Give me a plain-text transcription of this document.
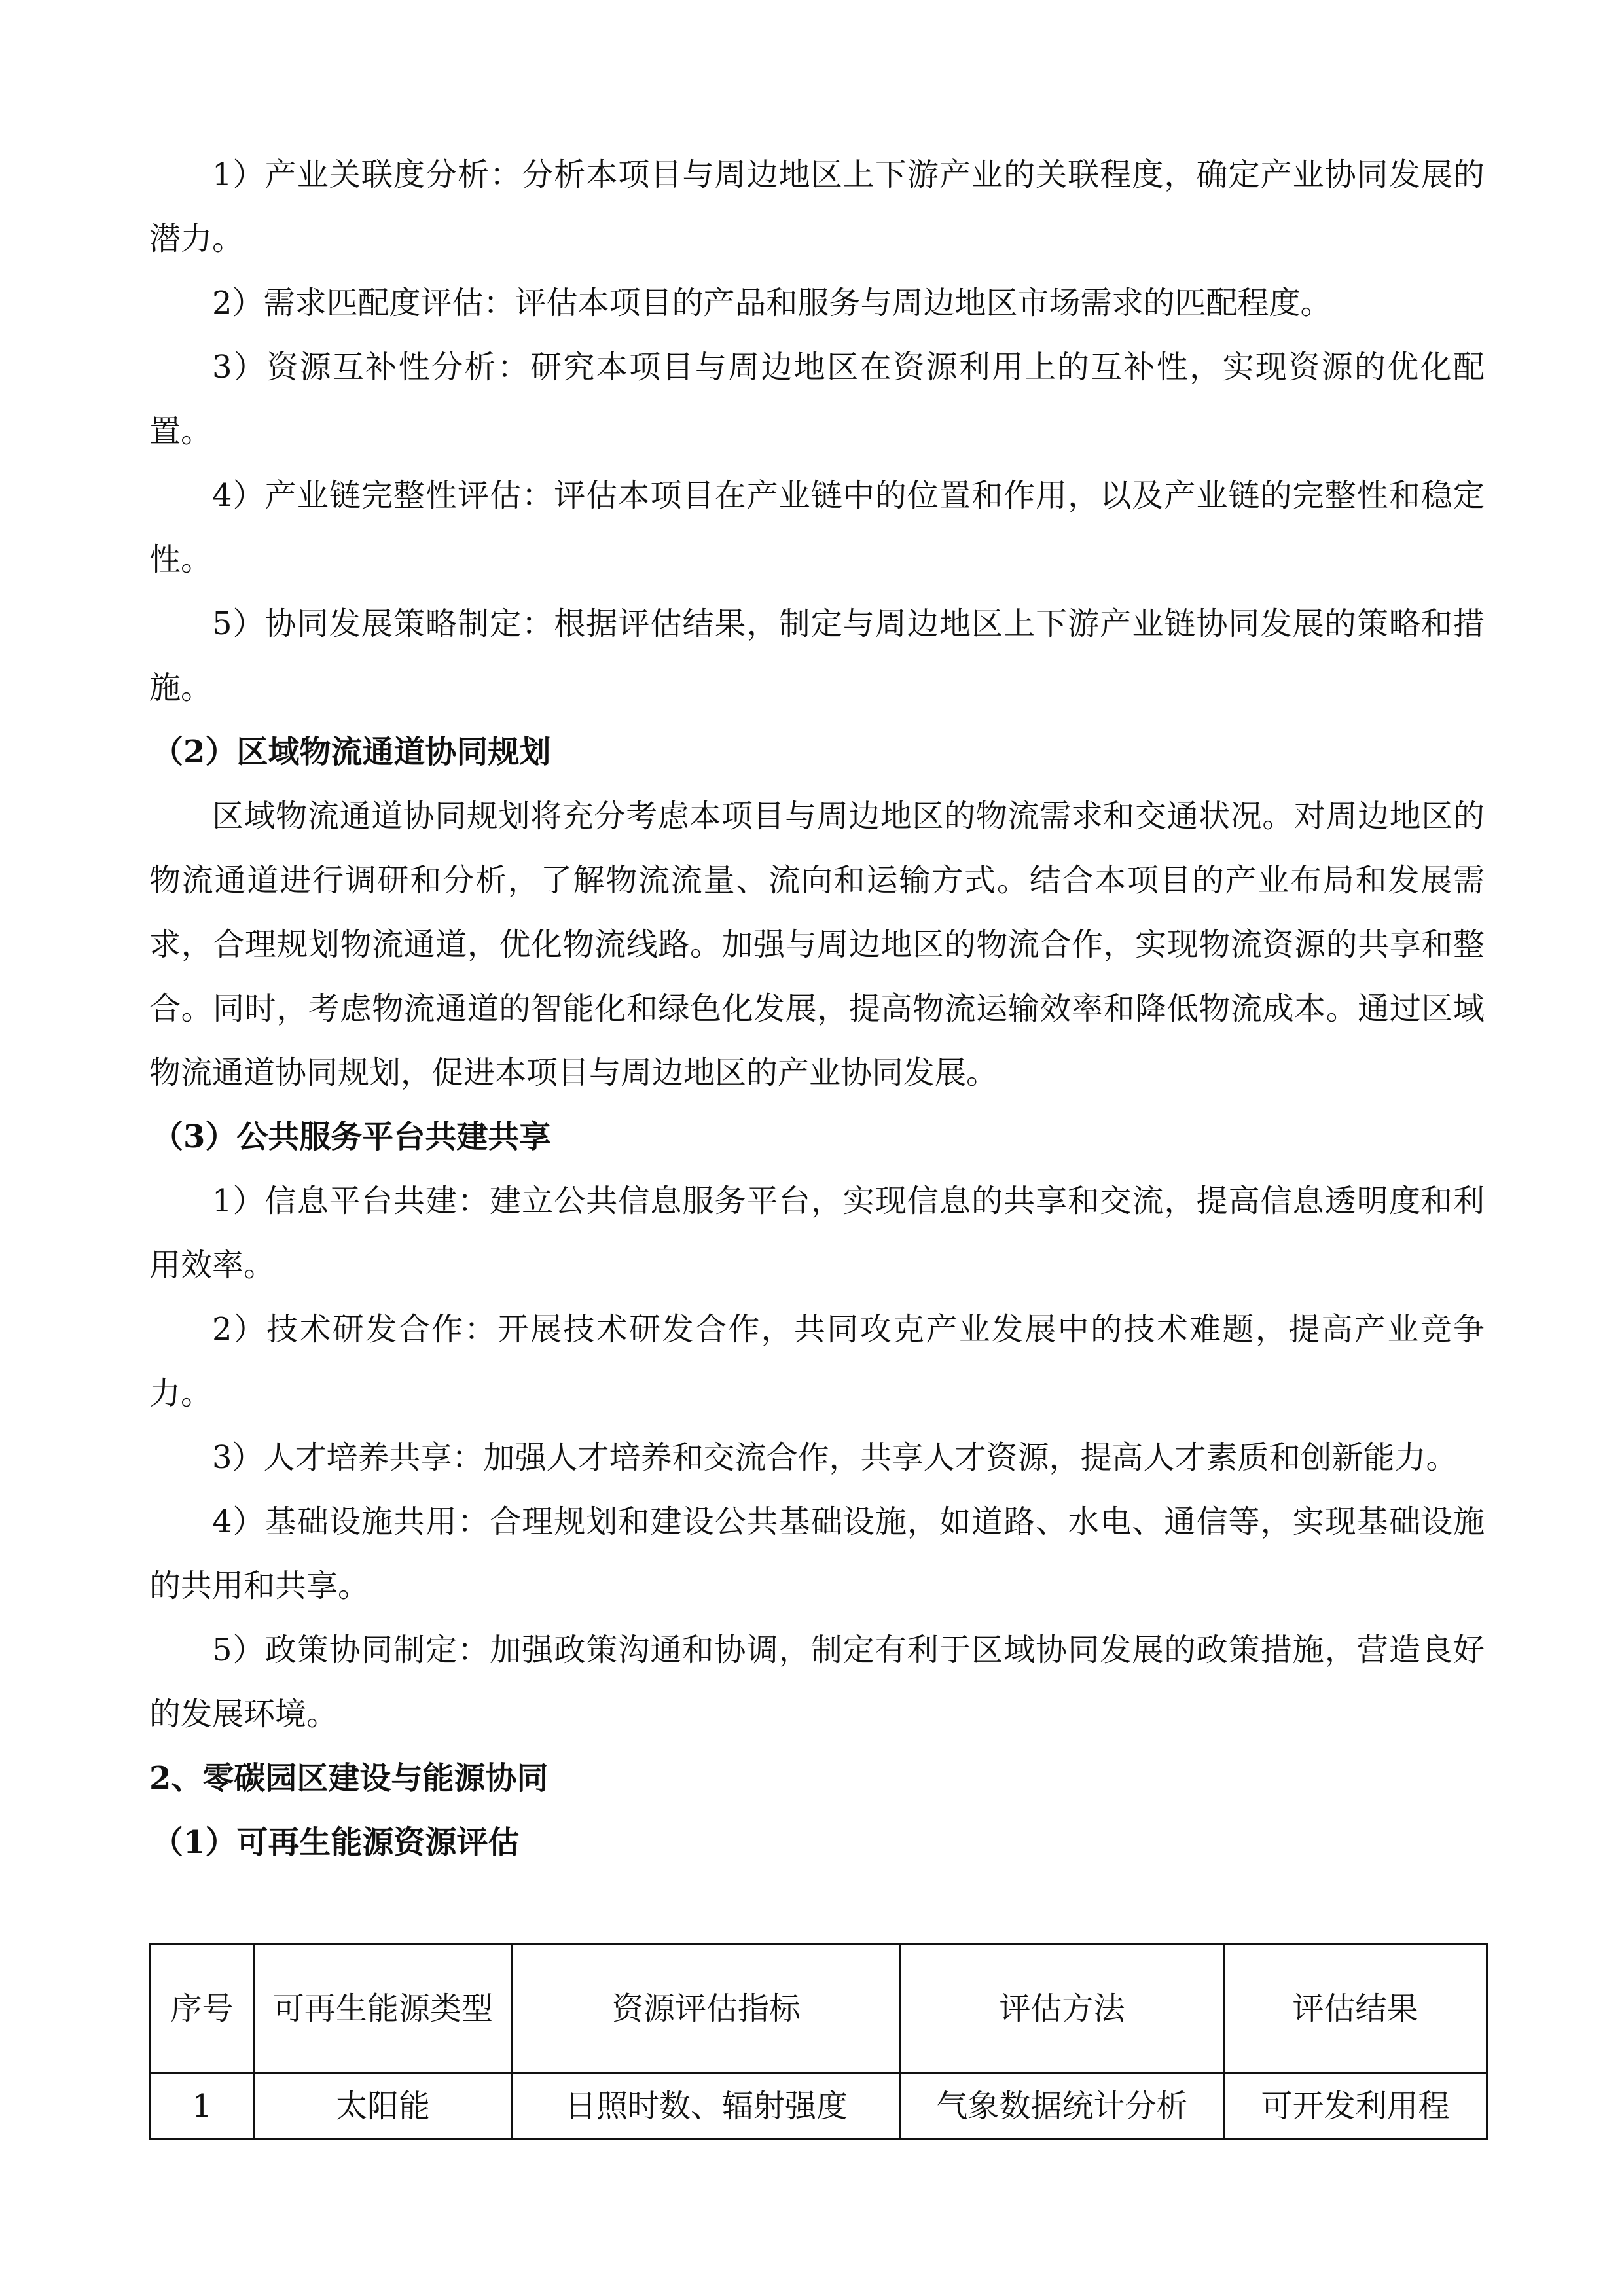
1）产业关联度分析：分析本项目与周边地区上下游产业的关联程度，确定产业协同发展的潜力。

2）需求匹配度评估：评估本项目的产品和服务与周边地区市场需求的匹配程度。

3）资源互补性分析：研究本项目与周边地区在资源利用上的互补性，实现资源的优化配置。

4）产业链完整性评估：评估本项目在产业链中的位置和作用，以及产业链的完整性和稳定性。

5）协同发展策略制定：根据评估结果，制定与周边地区上下游产业链协同发展的策略和措施。

（2）区域物流通道协同规划

区域物流通道协同规划将充分考虑本项目与周边地区的物流需求和交通状况。对周边地区的物流通道进行调研和分析，了解物流流量、流向和运输方式。结合本项目的产业布局和发展需求，合理规划物流通道，优化物流线路。加强与周边地区的物流合作，实现物流资源的共享和整合。同时，考虑物流通道的智能化和绿色化发展，提高物流运输效率和降低物流成本。通过区域物流通道协同规划，促进本项目与周边地区的产业协同发展。

（3）公共服务平台共建共享

1）信息平台共建：建立公共信息服务平台，实现信息的共享和交流，提高信息透明度和利用效率。

2）技术研发合作：开展技术研发合作，共同攻克产业发展中的技术难题，提高产业竞争力。

3）人才培养共享：加强人才培养和交流合作，共享人才资源，提高人才素质和创新能力。

4）基础设施共用：合理规划和建设公共基础设施，如道路、水电、通信等，实现基础设施的共用和共享。

5）政策协同制定：加强政策沟通和协调，制定有利于区域协同发展的政策措施，营造良好的发展环境。

2、零碳园区建设与能源协同

（1）可再生能源资源评估

序号	可再生能源类型	资源评估指标	评估方法	评估结果
1	太阳能	日照时数、辐射强度	气象数据统计分析	可开发利用程
